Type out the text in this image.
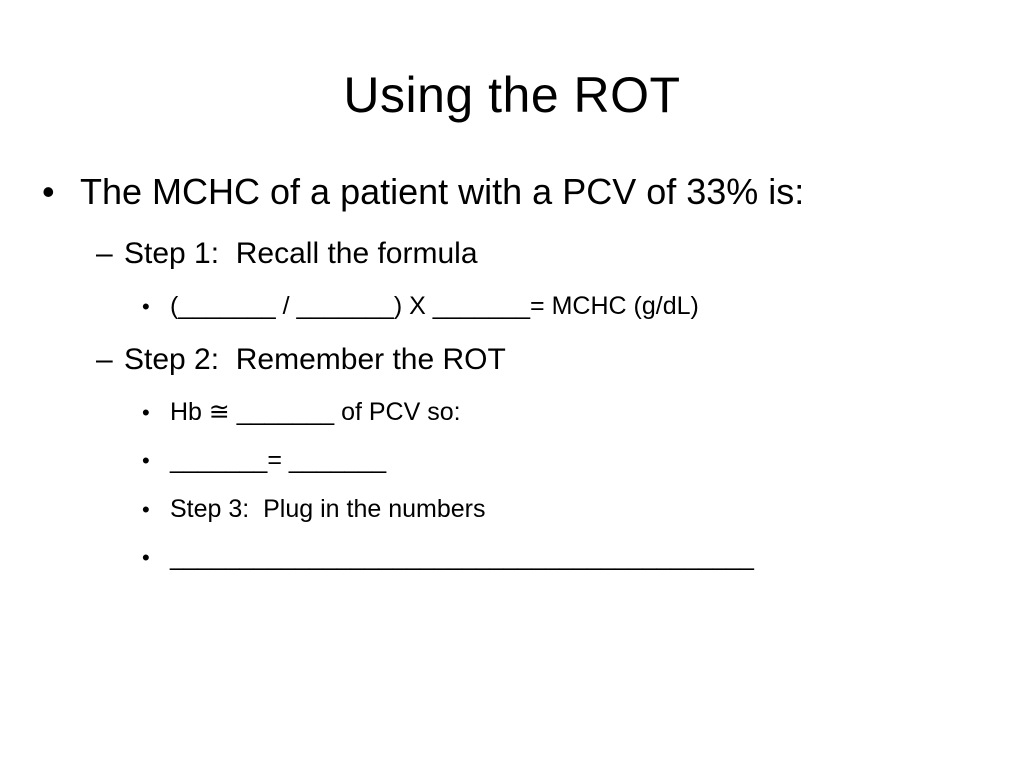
Using the ROT
• The MCHC of a patient with a PCV of 33% is:
– Step 1:  Recall the formula
• (_______ / _______) X _______= MCHC (g/dL)
– Step 2:  Remember the ROT
• Hb ≅ _______ of PCV so:
• _______= _______
• Step 3:  Plug in the numbers
• __________________________________________
